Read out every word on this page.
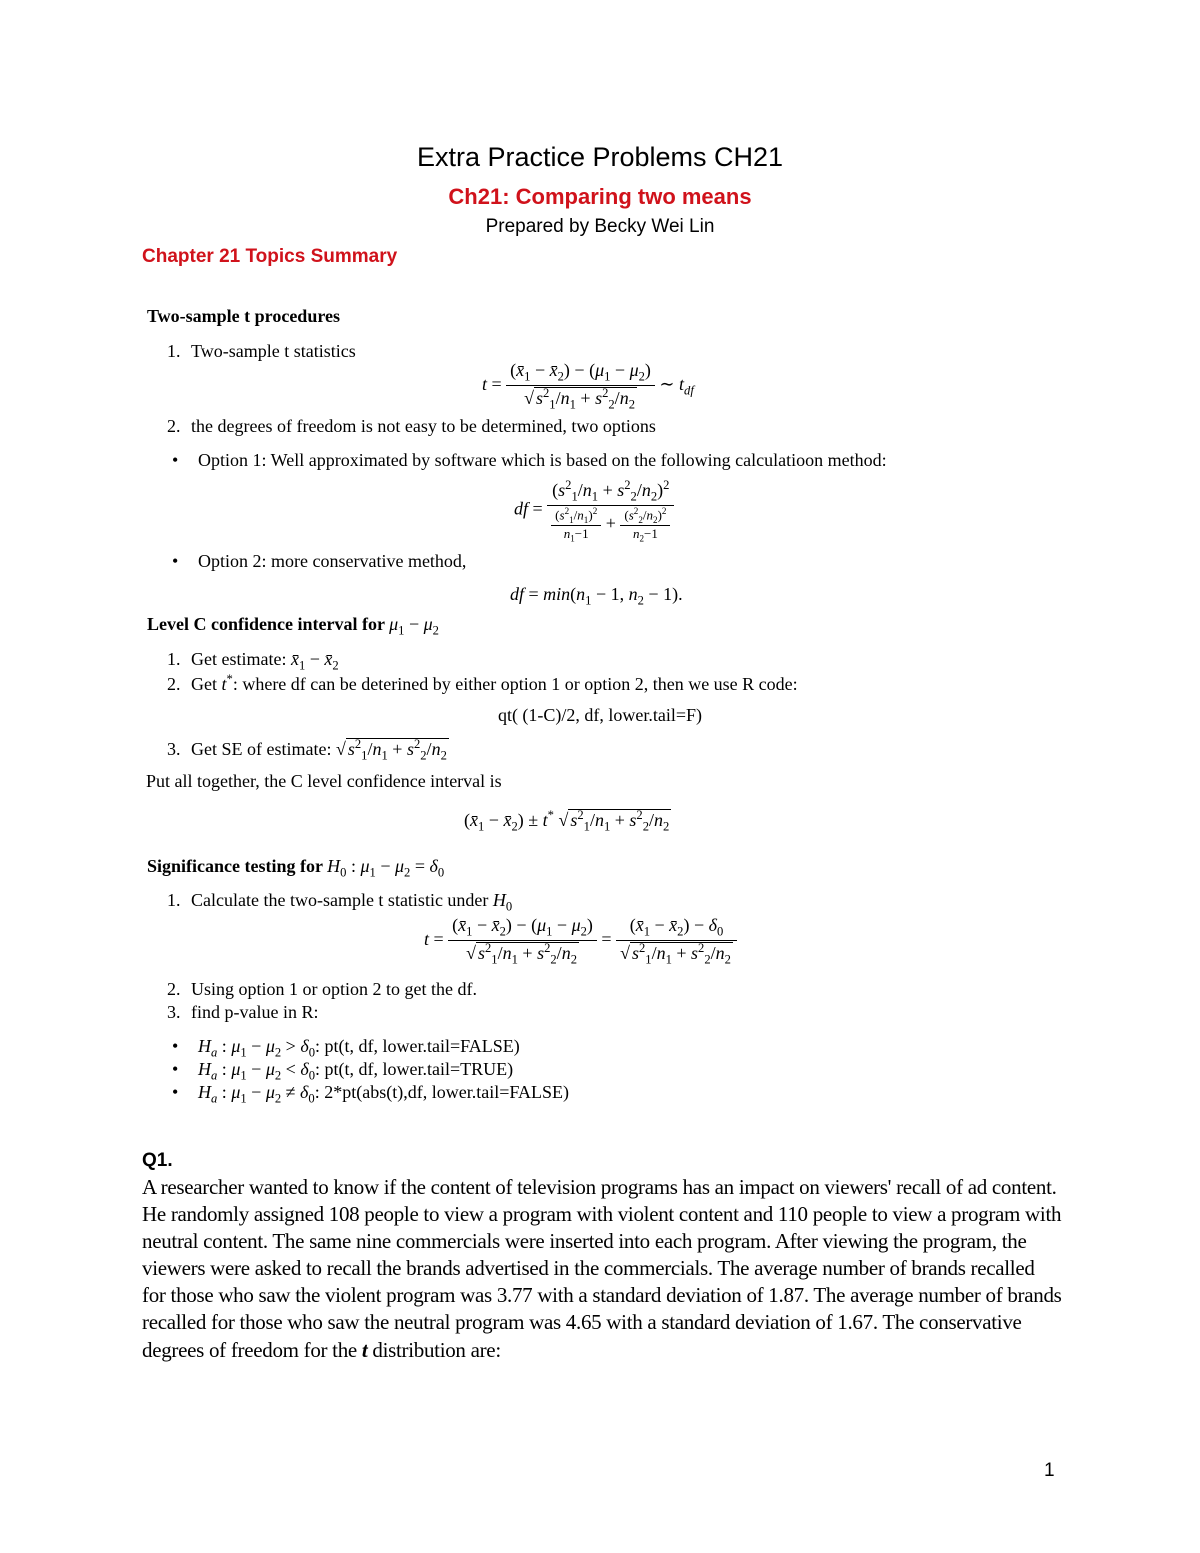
Extra Practice Problems CH21
Ch21: Comparing two means
Prepared by Becky Wei Lin
Chapter 21 Topics Summary
Two-sample t procedures
1. Two-sample t statistics
$t = \frac{(x̄_1 - x̄_2) - (\mu_1 - \mu_2)}{√ s^2_1/n_1 + s^2_2/n_2}$ ∼ $t_{df}$
2. the degrees of freedom is not easy to be determined, two options
• Option 1: Well approximated by software which is based on the following calculatioon method:
df = $\frac{(s^2_1/n_1 + s^2_2/n_2)^2}{\frac{(s^2_1/n_1)^2}{n_1-1} + \frac{(s^2_2/n_2)^2}{n_2-1}}$
• Option 2: more conservative method,
df = $\min(n_1 - 1$, $n_2 - 1$).
Level C confidence interval for $\mu_1 - \mu_2$
1. Get estimate: $x̄_1$ − $x̄_2$
2. Get t*: where df can be deterined by either option 1 or option 2, then we use R code:
qt( (1-C)/2, df, lower.tail=F)
3. Get SE of estimate: √ $s^2_1/n_1 + s^2_2/n_2$
Put all together, the C level confidence interval is
($x̄_1$ − $x̄_2) \pm t^*$ √ $s^2_1/n_1 + s^2_2/n_2$
Significance testing for $H_0$ : $\mu_1 - \mu_2 = \delta_0$
1. Calculate the two-sample t statistic under $H_0$
$t = \frac{(x̄_1 - x̄_2) - (\mu_1 - \mu_2)}{√ s^2_1/n_1 + s^2_2/n_2} = \frac{(x̄_1 - x̄_2) - \delta_0}{√ s^2_1/n_1 + s^2_2/n_2}$
2. Using option 1 or option 2 to get the df.
3. find p-value in R:
• $H_a$ : $\mu_1 - \mu_2 > \delta_0$: pt(t, df, lower.tail=FALSE)
• $H_a$ : $\mu_1 - \mu_2 < \delta_0$: pt(t, df, lower.tail=TRUE)
• $H_a$ : $\mu_1 - \mu_2 \ne \delta_0$: 2*pt(abs(t),df, lower.tail=FALSE)
Q1.
A researcher wanted to know if the content of television programs has an impact on viewers' recall of ad content. He randomly assigned 108 people to view a program with violent content and 110 people to view a program with neutral content. The same nine commercials were inserted into each program. After viewing the program, the viewers were asked to recall the brands advertised in the commercials. The average number of brands recalled for those who saw the violent program was 3.77 with a standard deviation of 1.87. The average number of brands recalled for those who saw the neutral program was 4.65 with a standard deviation of 1.67. The conservative degrees of freedom for the t distribution are:
1
